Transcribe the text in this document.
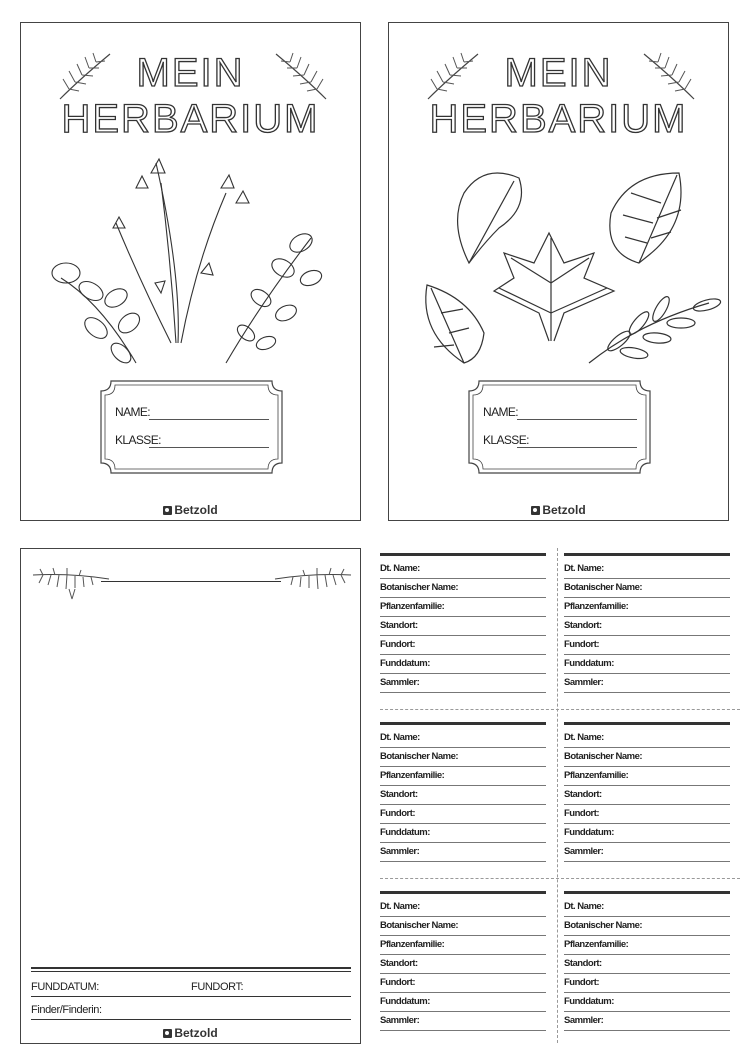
MEIN
HERBARIUM
NAME:
KLASSE:
Betzold
MEIN
HERBARIUM
NAME:
KLASSE:
Betzold
FUNDDATUM:	FUNDORT:
Finder/Finderin:
Betzold
Dt. Name:
Botanischer Name:
Pflanzenfamilie:
Standort:
Fundort:
Funddatum:
Sammler:
Dt. Name:
Botanischer Name:
Pflanzenfamilie:
Standort:
Fundort:
Funddatum:
Sammler:
Dt. Name:
Botanischer Name:
Pflanzenfamilie:
Standort:
Fundort:
Funddatum:
Sammler:
Dt. Name:
Botanischer Name:
Pflanzenfamilie:
Standort:
Fundort:
Funddatum:
Sammler:
Dt. Name:
Botanischer Name:
Pflanzenfamilie:
Standort:
Fundort:
Funddatum:
Sammler:
Dt. Name:
Botanischer Name:
Pflanzenfamilie:
Standort:
Fundort:
Funddatum:
Sammler:
